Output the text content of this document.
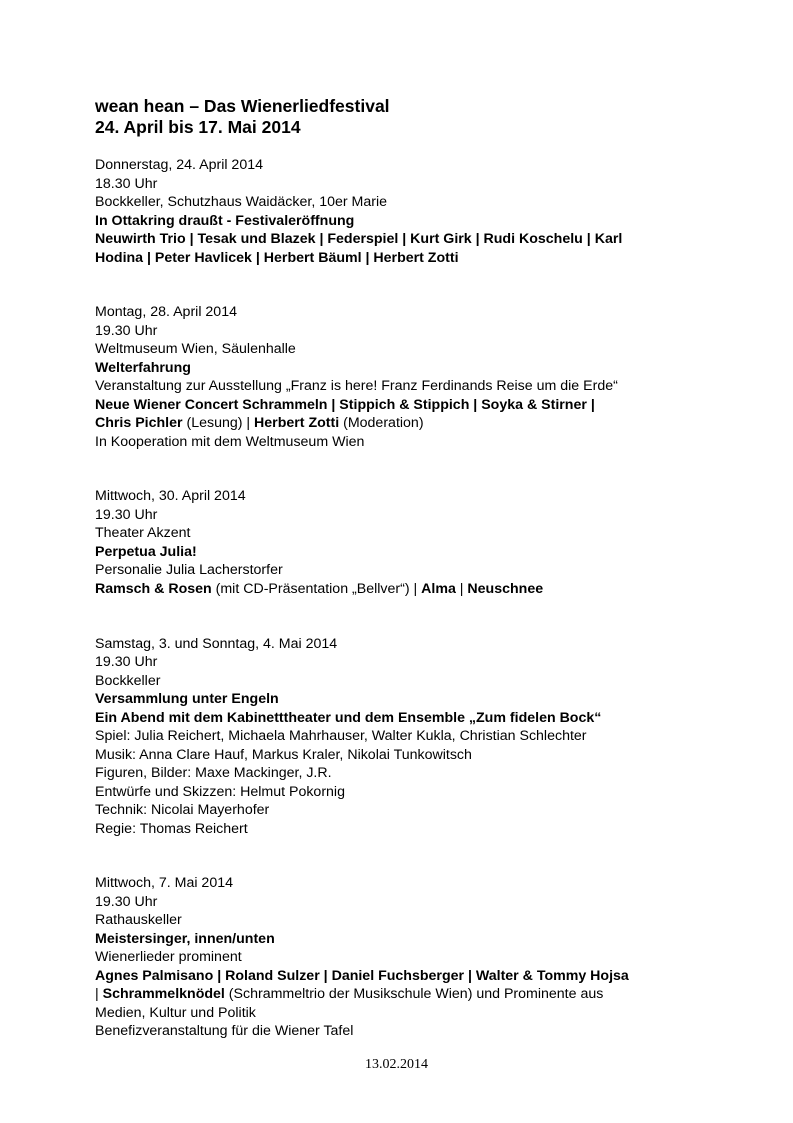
wean hean – Das Wienerliedfestival
24. April bis 17. Mai 2014
Donnerstag, 24. April 2014
18.30 Uhr
Bockkeller, Schutzhaus Waidäcker, 10er Marie
In Ottakring draußt - Festivaleröffnung
Neuwirth Trio | Tesak und Blazek | Federspiel | Kurt Girk | Rudi Koschelu | Karl
Hodina | Peter Havlicek | Herbert Bäuml | Herbert Zotti
Montag, 28. April 2014
19.30 Uhr
Weltmuseum Wien, Säulenhalle
Welterfahrung
Veranstaltung zur Ausstellung „Franz is here! Franz Ferdinands Reise um die Erde“
Neue Wiener Concert Schrammeln | Stippich & Stippich | Soyka & Stirner |
Chris Pichler (Lesung) | Herbert Zotti (Moderation)
In Kooperation mit dem Weltmuseum Wien
Mittwoch, 30. April 2014
19.30 Uhr
Theater Akzent
Perpetua Julia!
Personalie Julia Lacherstorfer
Ramsch & Rosen (mit CD-Präsentation „Bellver“) | Alma | Neuschnee
Samstag, 3. und Sonntag, 4. Mai 2014
19.30 Uhr
Bockkeller
Versammlung unter Engeln
Ein Abend mit dem Kabinetttheater und dem Ensemble „Zum fidelen Bock“
Spiel: Julia Reichert, Michaela Mahrhauser, Walter Kukla, Christian Schlechter
Musik: Anna Clare Hauf, Markus Kraler, Nikolai Tunkowitsch
Figuren, Bilder: Maxe Mackinger, J.R.
Entwürfe und Skizzen: Helmut Pokornig
Technik: Nicolai Mayerhofer
Regie: Thomas Reichert
Mittwoch, 7. Mai 2014
19.30 Uhr
Rathauskeller
Meistersinger, innen/unten
Wienerlieder prominent
Agnes Palmisano | Roland Sulzer | Daniel Fuchsberger | Walter & Tommy Hojsa
| Schrammelknödel (Schrammeltrio der Musikschule Wien) und Prominente aus
Medien, Kultur und Politik
Benefizveranstaltung für die Wiener Tafel
13.02.2014
